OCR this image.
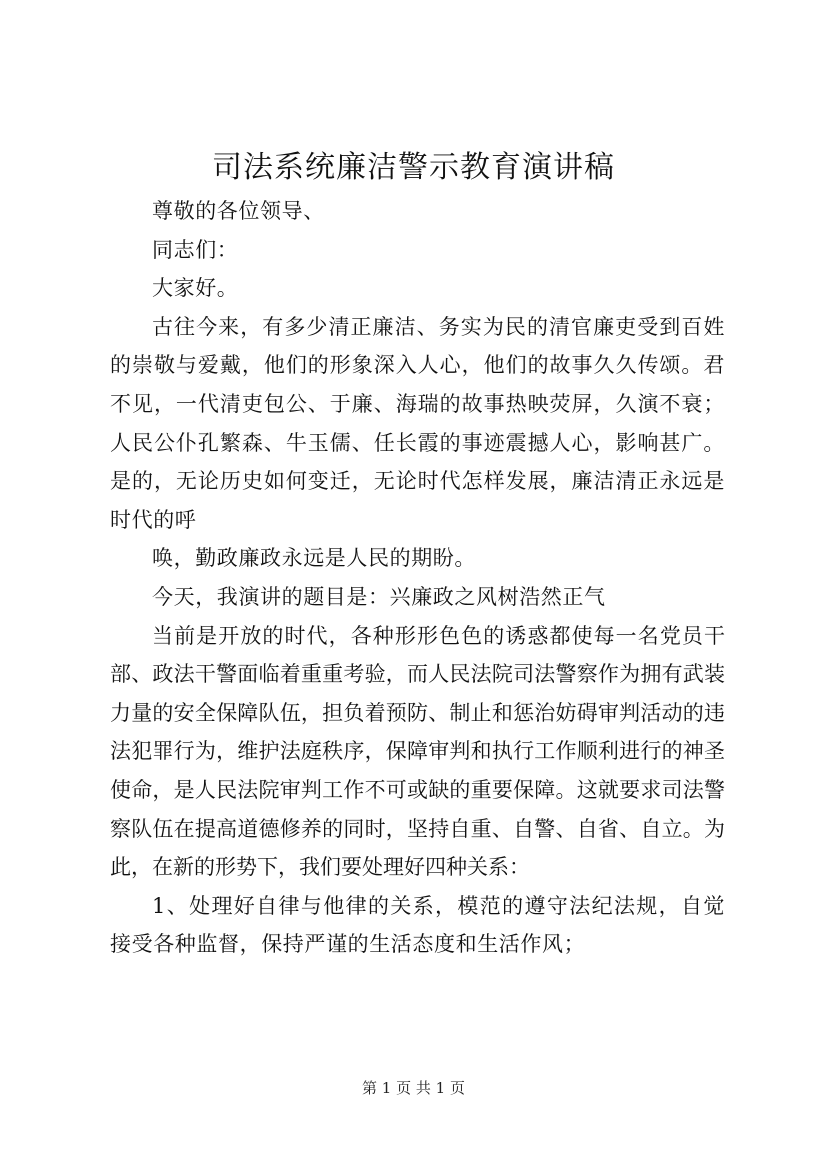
司法系统廉洁警示教育演讲稿

尊敬的各位领导、

同志们：

大家好。

古往今来，有多少清正廉洁、务实为民的清官廉吏受到百姓的崇敬与爱戴，他们的形象深入人心，他们的故事久久传颂。君不见，一代清吏包公、于廉、海瑞的故事热映荧屏，久演不衰；人民公仆孔繁森、牛玉儒、任长霞的事迹震撼人心，影响甚广。是的，无论历史如何变迁，无论时代怎样发展，廉洁清正永远是时代的呼

唤，勤政廉政永远是人民的期盼。

今天，我演讲的题目是：兴廉政之风树浩然正气

当前是开放的时代，各种形形色色的诱惑都使每一名党员干部、政法干警面临着重重考验，而人民法院司法警察作为拥有武装力量的安全保障队伍，担负着预防、制止和惩治妨碍审判活动的违法犯罪行为，维护法庭秩序，保障审判和执行工作顺利进行的神圣使命，是人民法院审判工作不可或缺的重要保障。这就要求司法警察队伍在提高道德修养的同时，坚持自重、自警、自省、自立。为此，在新的形势下，我们要处理好四种关系：

1、处理好自律与他律的关系，模范的遵守法纪法规，自觉接受各种监督，保持严谨的生活态度和生活作风；

第 1 页 共 1 页
